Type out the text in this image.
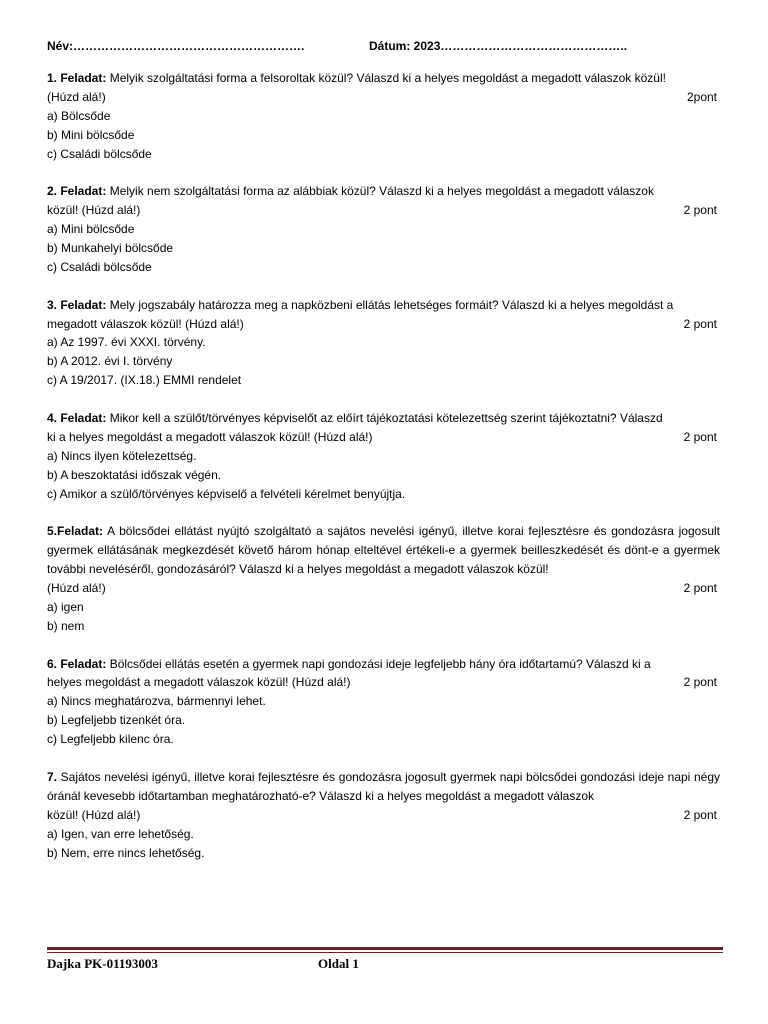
Név:………………………………………………….	Dátum: 2023………………………………………..

1. Feladat: Melyik szolgáltatási forma a felsoroltak közül? Válaszd ki a helyes megoldást a megadott válaszok közül!

(Húzd alá!)	2pont

a) Bölcsőde

b) Mini bölcsőde

c) Családi bölcsőde

2. Feladat: Melyik nem szolgáltatási forma az alábbiak közül? Válaszd ki a helyes megoldást a megadott válaszok

közül! (Húzd alá!)	2 pont

a) Mini bölcsőde

b) Munkahelyi bölcsőde

c) Családi bölcsőde

3. Feladat: Mely jogszabály határozza meg a napközbeni ellátás lehetséges formáit? Válaszd ki a helyes megoldást a

megadott válaszok közül! (Húzd alá!)	2 pont

a) Az 1997. évi XXXI. törvény.

b) A 2012. évi I. törvény

c) A 19/2017. (IX.18.) EMMI rendelet

4. Feladat: Mikor kell a szülőt/törvényes képviselőt az előírt tájékoztatási kötelezettség szerint tájékoztatni? Válaszd

ki a helyes megoldást a megadott válaszok közül! (Húzd alá!)	2 pont

a) Nincs ilyen kötelezettség.

b) A beszoktatási időszak végén.

c) Amikor a szülő/törvényes képviselő a felvételi kérelmet benyújtja.

5.Feladat: A bölcsődei ellátást nyújtó szolgáltató a sajátos nevelési igényű, illetve korai fejlesztésre és gondozásra jogosult gyermek ellátásának megkezdését követő három hónap elteltével értékeli-e a gyermek beilleszkedését és dönt-e a gyermek további neveléséről, gondozásáról? Válaszd ki a helyes megoldást a megadott válaszok közül!

(Húzd alá!)	2 pont

a) igen

b) nem

6. Feladat: Bölcsődei ellátás esetén a gyermek napi gondozási ideje legfeljebb hány óra időtartamú? Válaszd ki a

helyes megoldást a megadott válaszok közül! (Húzd alá!)	2 pont

a) Nincs meghatározva, bármennyi lehet.

b) Legfeljebb tizenkét óra.

c) Legfeljebb kilenc óra.

7. Sajátos nevelési igényű, illetve korai fejlesztésre és gondozásra jogosult gyermek napi bölcsődei gondozási ideje napi négy óránál kevesebb időtartamban meghatározható-e? Válaszd ki a helyes megoldást a megadott válaszok

közül! (Húzd alá!)	2 pont

a) Igen, van erre lehetőség.

b) Nem, erre nincs lehetőség.

Dajka PK-01193003	Oldal 1
